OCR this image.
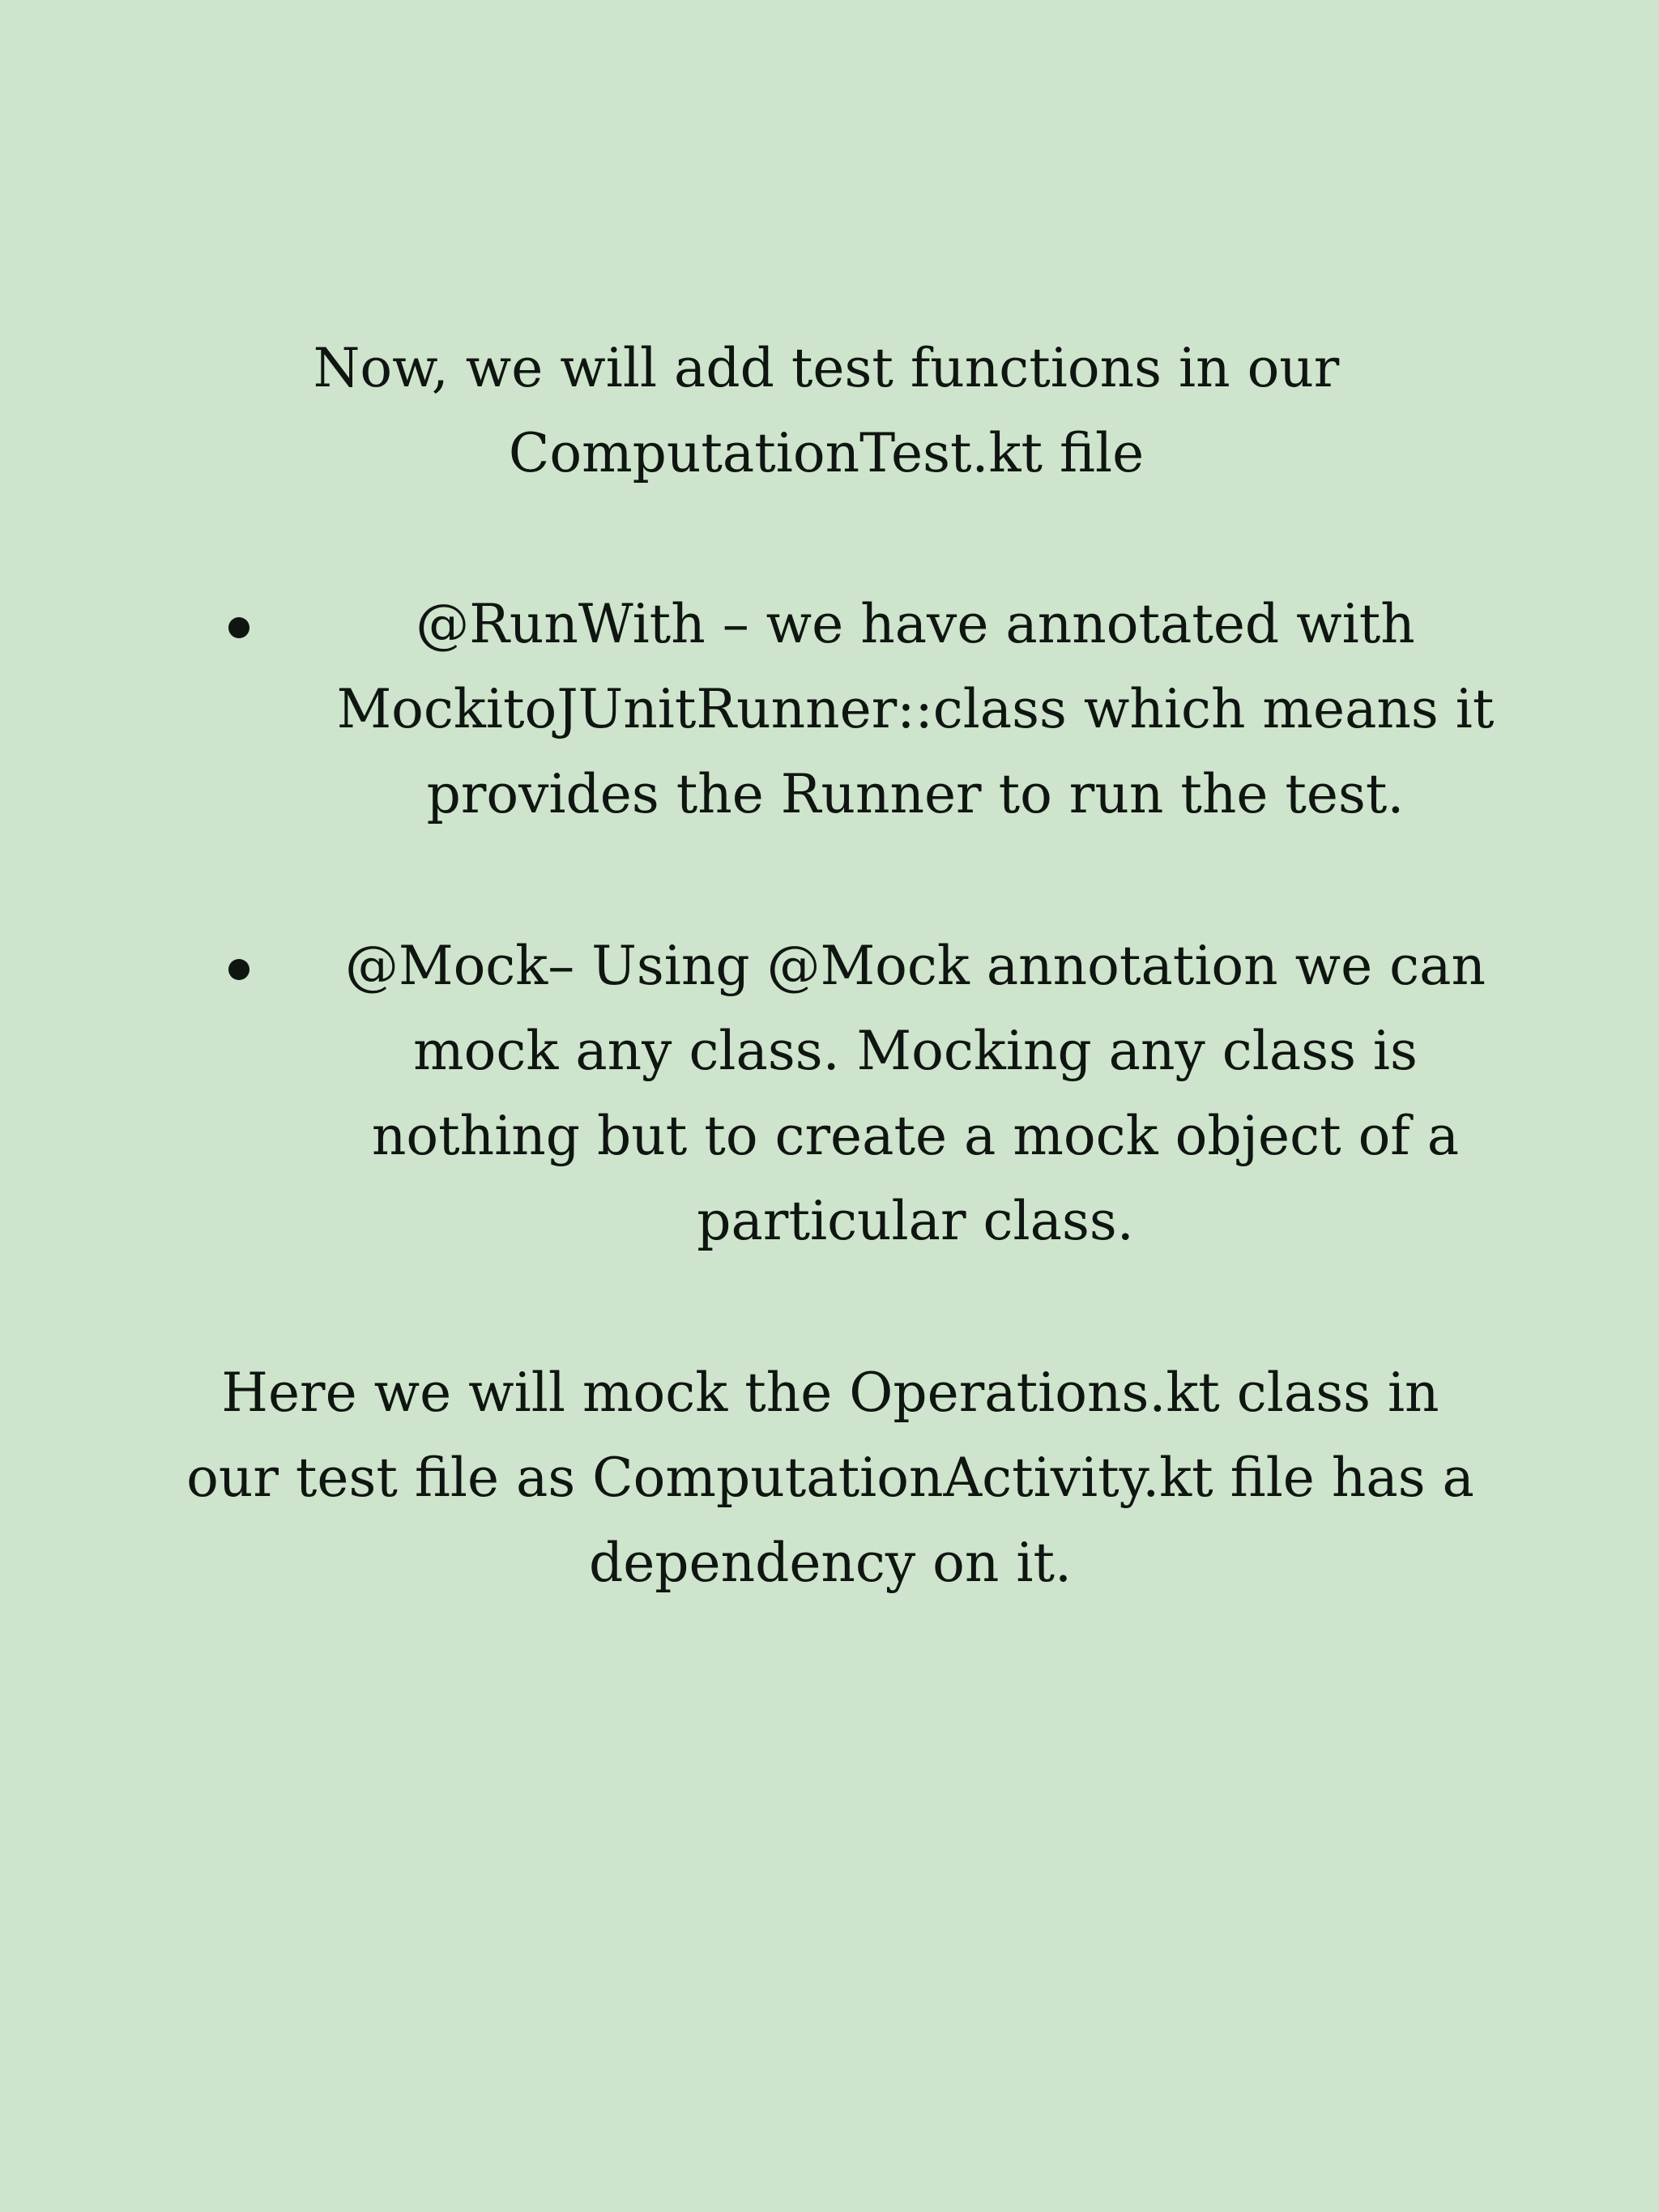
Now, we will add test functions in our
ComputationTest.kt file
@RunWith – we have annotated with
MockitoJUnitRunner::class which means it
provides the Runner to run the test.
@Mock– Using @Mock annotation we can
mock any class. Mocking any class is
nothing but to create a mock object of a
particular class.
Here we will mock the Operations.kt class in
our test file as ComputationActivity.kt file has a
dependency on it.
